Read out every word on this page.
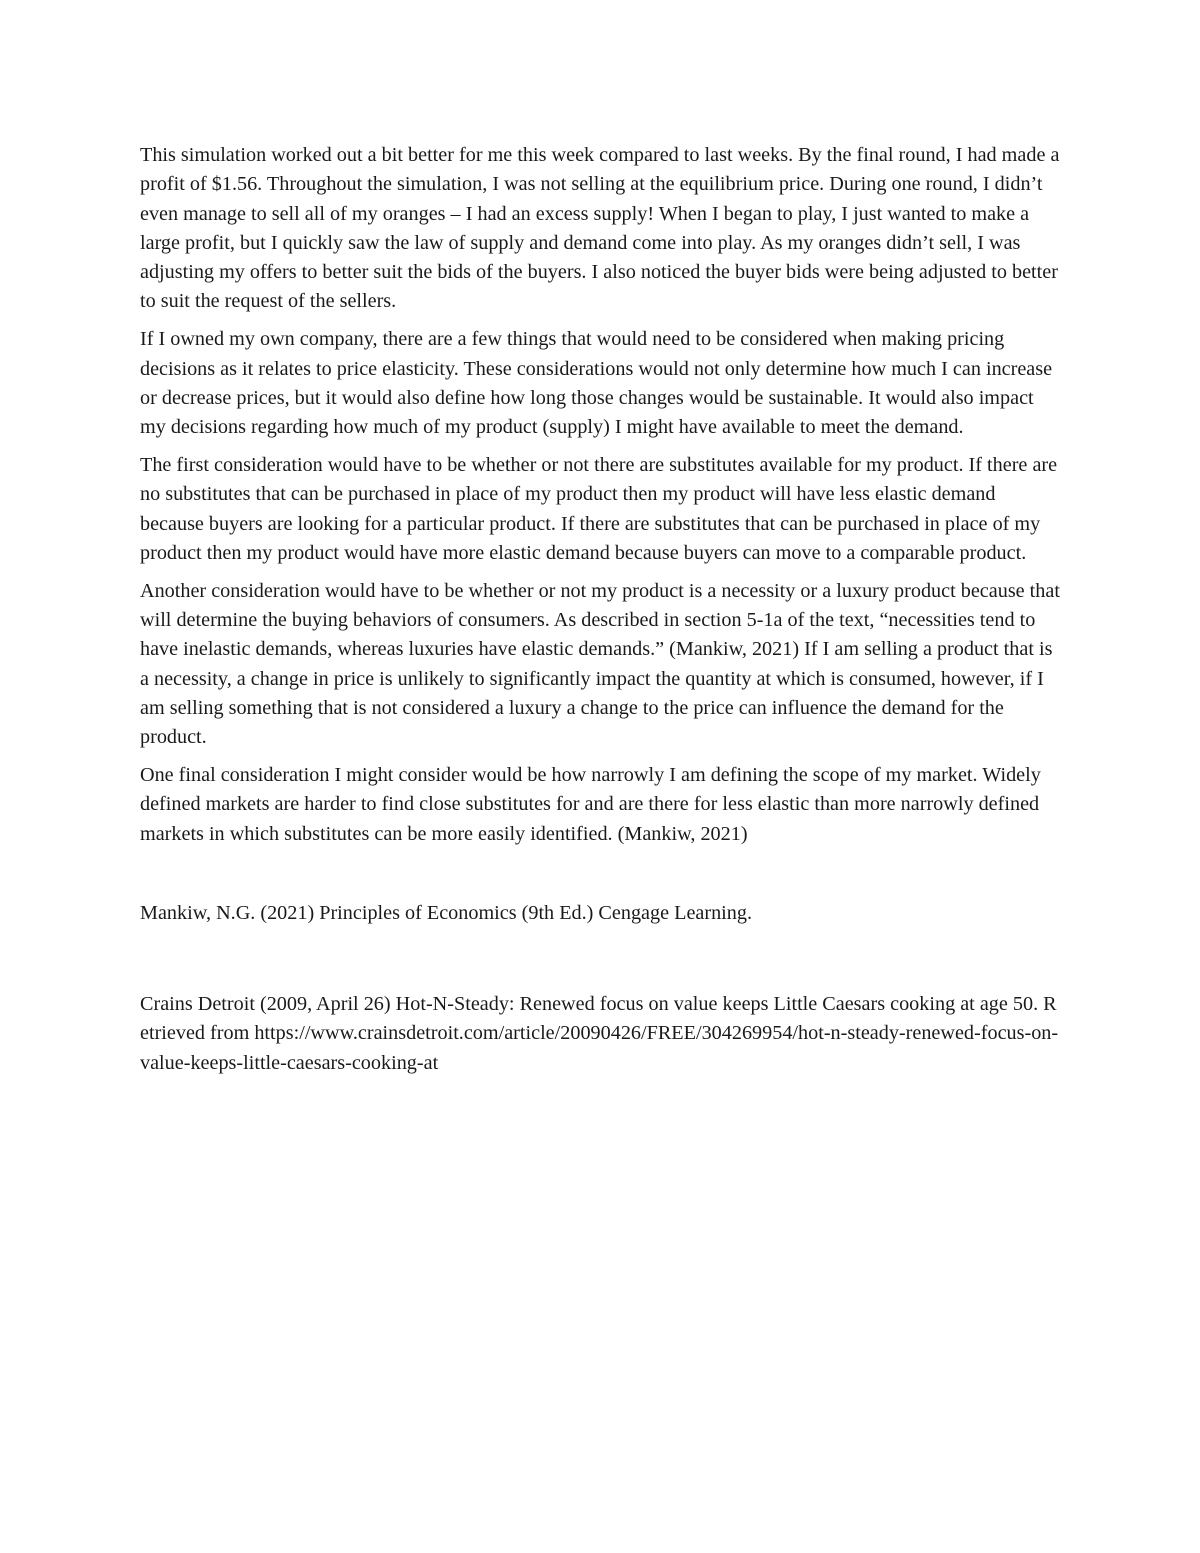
This simulation worked out a bit better for me this week compared to last weeks. By the final round, I had made a profit of $1.56. Throughout the simulation, I was not selling at the equilibrium price. During one round, I didn’t even manage to sell all of my oranges – I had an excess supply! When I began to play, I just wanted to make a large profit, but I quickly saw the law of supply and demand come into play. As my oranges didn’t sell, I was adjusting my offers to better suit the bids of the buyers. I also noticed the buyer bids were being adjusted to better to suit the request of the sellers.

If I owned my own company, there are a few things that would need to be considered when making pricing decisions as it relates to price elasticity. These considerations would not only determine how much I can increase or decrease prices, but it would also define how long those changes would be sustainable. It would also impact my decisions regarding how much of my product (supply) I might have available to meet the demand.

The first consideration would have to be whether or not there are substitutes available for my product. If there are no substitutes that can be purchased in place of my product then my product will have less elastic demand because buyers are looking for a particular product. If there are substitutes that can be purchased in place of my product then my product would have more elastic demand because buyers can move to a comparable product.

Another consideration would have to be whether or not my product is a necessity or a luxury product because that will determine the buying behaviors of consumers. As described in section 5-1a of the text, “necessities tend to have inelastic demands, whereas luxuries have elastic demands.” (Mankiw, 2021) If I am selling a product that is a necessity, a change in price is unlikely to significantly impact the quantity at which is consumed, however, if I am selling something that is not considered a luxury a change to the price can influence the demand for the product.

One final consideration I might consider would be how narrowly I am defining the scope of my market. Widely defined markets are harder to find close substitutes for and are there for less elastic than more narrowly defined markets in which substitutes can be more easily identified. (Mankiw, 2021)

Mankiw, N.G. (2021) Principles of Economics (9th Ed.) Cengage Learning.

Crains Detroit (2009, April 26) Hot-N-Steady: Renewed focus on value keeps Little Caesars cooking at age 50. Retrieved from https://www.crainsdetroit.com/article/20090426/FREE/304269954/hot-n-steady-renewed-focus-on-value-keeps-little-caesars-cooking-at
